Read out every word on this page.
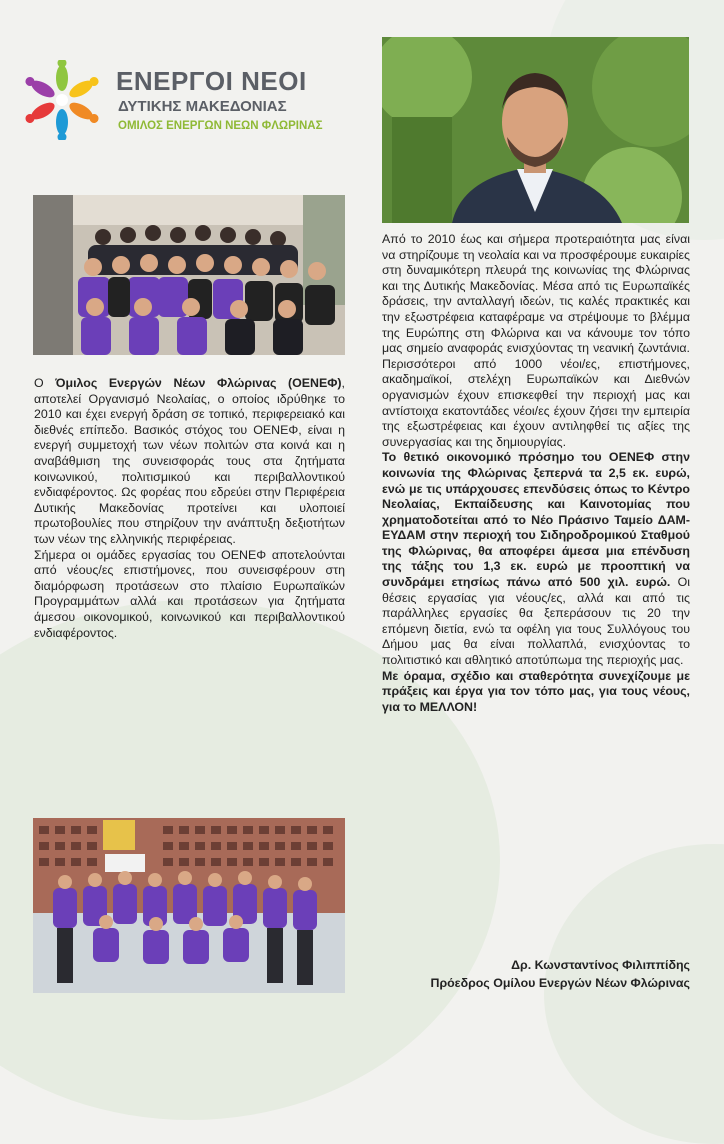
ΕΝΕΡΓΟΙ ΝΕΟΙ
ΔΥΤΙΚΗΣ ΜΑΚΕΔΟΝΙΑΣ
ΟΜΙΛΟΣ ΕΝΕΡΓΩΝ ΝΕΩΝ ΦΛΩΡΙΝΑΣ

Ο Όμιλος Ενεργών Νέων Φλώρινας (ΟΕΝΕΦ), αποτελεί Οργανισμό Νεολαίας, ο οποίος ιδρύθηκε το 2010 και έχει ενεργή δράση σε τοπικό, περιφερειακό και διεθνές επίπεδο. Βασικός στόχος του ΟΕΝΕΦ, είναι η ενεργή συμμετοχή των νέων πολιτών στα κοινά και η αναβάθμιση της συνεισφοράς τους στα ζητήματα κοινωνικού, πολιτισμικού και περιβαλλοντικού ενδιαφέροντος. Ως φορέας που εδρεύει στην Περιφέρεια Δυτικής Μακεδονίας προτείνει και υλοποιεί πρωτοβουλίες που στηρίζουν την ανάπτυξη δεξιοτήτων των νέων της ελληνικής περιφέρειας.

Σήμερα οι ομάδες εργασίας του ΟΕΝΕΦ αποτελούνται από νέους/ες επιστήμονες, που συνεισφέρουν στη διαμόρφωση προτάσεων στο πλαίσιο Ευρωπαϊκών Προγραμμάτων αλλά και προτάσεων για ζητήματα άμεσου οικονομικού, κοινωνικού και περιβαλλοντικού ενδιαφέροντος.

Από το 2010 έως και σήμερα προτεραιότητα μας είναι να στηρίζουμε τη νεολαία και να προσφέρουμε ευκαιρίες στη δυναμικότερη πλευρά της κοινωνίας της Φλώρινας και της Δυτικής Μακεδονίας. Μέσα από τις Ευρωπαϊκές δράσεις, την ανταλλαγή ιδεών, τις καλές πρακτικές και την εξωστρέφεια καταφέραμε να στρέψουμε το βλέμμα της Ευρώπης στη Φλώρινα και να κάνουμε τον τόπο μας σημείο αναφοράς ενισχύοντας τη νεανική ζωντάνια. Περισσότεροι από 1000 νέοι/ες, επιστήμονες, ακαδημαϊκοί, στελέχη Ευρωπαϊκών και Διεθνών οργανισμών έχουν επισκεφθεί την περιοχή μας και αντίστοιχα εκατοντάδες νέοι/ες έχουν ζήσει την εμπειρία της εξωστρέφειας και έχουν αντιληφθεί τις αξίες της συνεργασίας και της δημιουργίας.

Το θετικό οικονομικό πρόσημο του ΟΕΝΕΦ στην κοινωνία της Φλώρινας ξεπερνά τα 2,5 εκ. ευρώ, ενώ με τις υπάρχουσες επενδύσεις όπως το Κέντρο Νεολαίας, Εκπαίδευσης και Καινοτομίας που χρηματοδοτείται από το Νέο Πράσινο Ταμείο ΔΑΜ-ΕΥΔΑΜ στην περιοχή του Σιδηροδρομικού Σταθμού της Φλώρινας, θα αποφέρει άμεσα μια επένδυση της τάξης του 1,3 εκ. ευρώ με προοπτική να συνδράμει ετησίως πάνω από 500 χιλ. ευρώ. Οι θέσεις εργασίας για νέους/ες, αλλά και από τις παράλληλες εργασίες θα ξεπεράσουν τις 20 την επόμενη διετία, ενώ τα οφέλη για τους Συλλόγους του Δήμου μας θα είναι πολλαπλά, ενισχύοντας το πολιτιστικό και αθλητικό αποτύπωμα της περιοχής μας.

Με όραμα, σχέδιο και σταθερότητα συνεχίζουμε με πράξεις και έργα για τον τόπο μας, για τους νέους, για το ΜΕΛΛΟΝ!

Δρ. Κωνσταντίνος Φιλιππίδης
Πρόεδρος Ομίλου Ενεργών Νέων Φλώρινας
